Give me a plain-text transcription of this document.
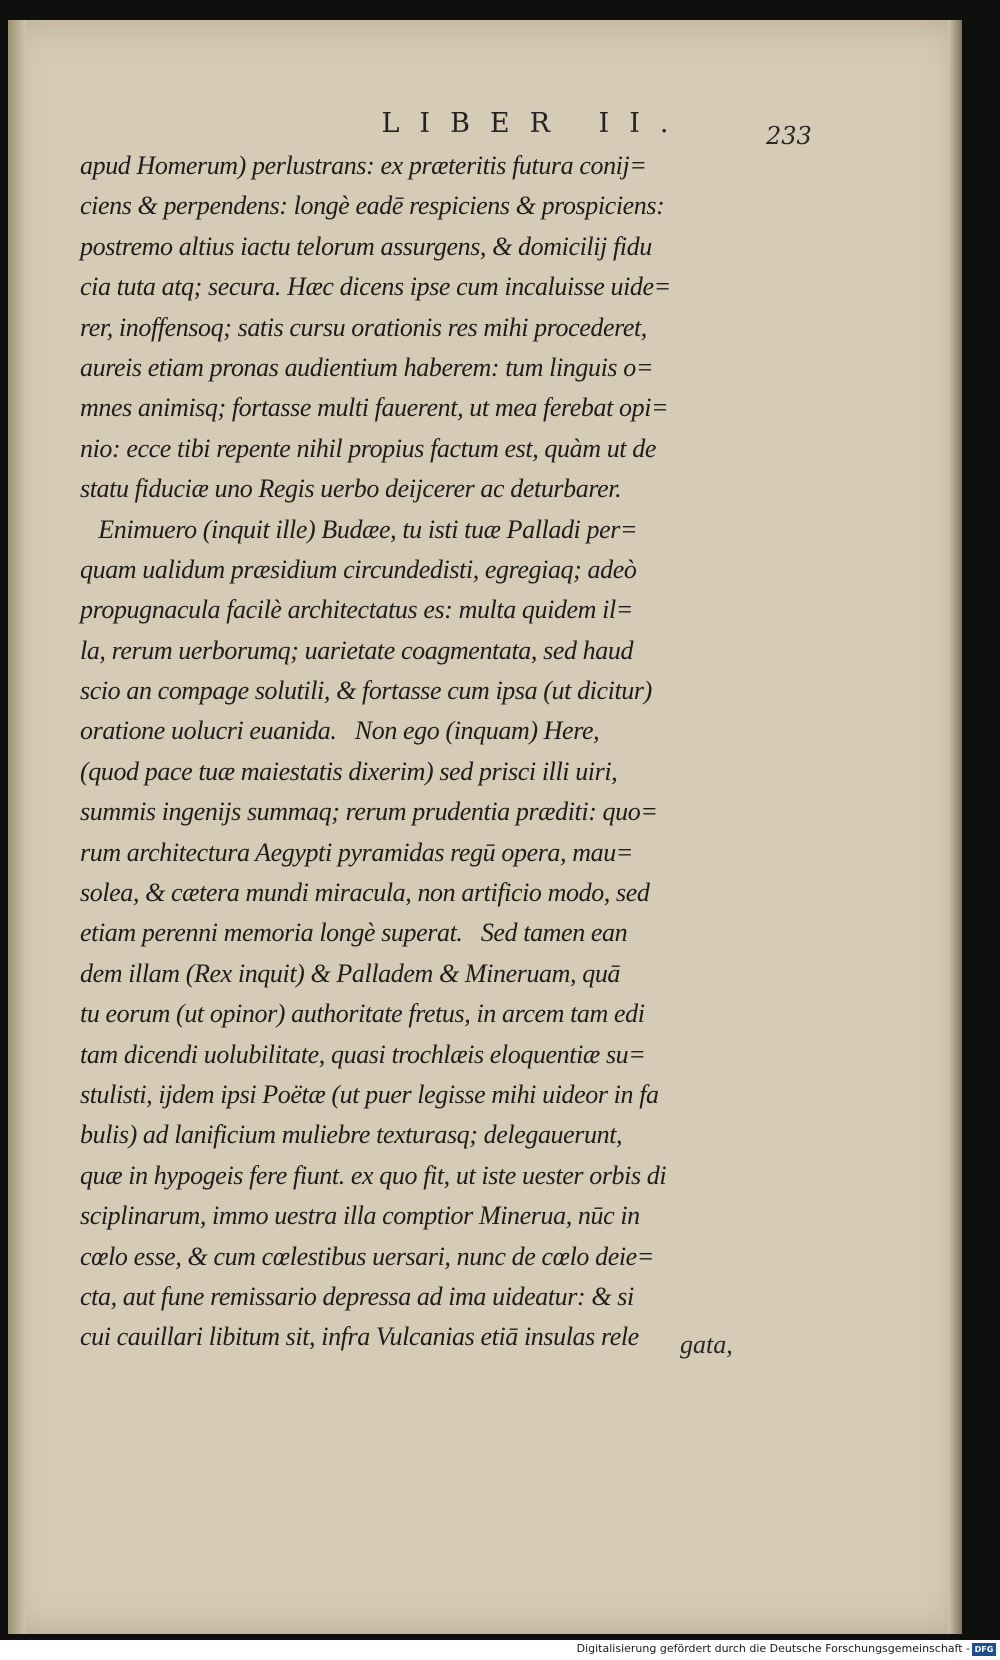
LIBER II.	233
apud Homerum) perlustrans: ex præteritis futura conij=
ciens & perpendens: longè eadē respiciens & prospiciens:
postremo altius iactu telorum assurgens, & domicilij fidu
cia tuta atq; secura. Hæc dicens ipse cum incaluisse uide=
rer, inoffensoq; satis cursu orationis res mihi procederet,
aureis etiam pronas audientium haberem: tum linguis o=
mnes animisq; fortasse multi fauerent, ut mea ferebat opi=
nio: ecce tibi repente nihil propius factum est, quàm ut de
statu fiduciæ uno Regis uerbo deijcerer ac deturbarer.
Enimuero (inquit ille) Budæe, tu isti tuæ Palladi per=
quam ualidum præsidium circundedisti, egregiaq; adeò
propugnacula facilè architectatus es: multa quidem il=
la, rerum uerborumq; uarietate coagmentata, sed haud
scio an compage solutili, & fortasse cum ipsa (ut dicitur)
oratione uolucri euanida.   Non ego (inquam) Here,
(quod pace tuæ maiestatis dixerim) sed prisci illi uiri,
summis ingenijs summaq; rerum prudentia præditi: quo=
rum architectura Aegypti pyramidas regū opera, mau=
solea, & cætera mundi miracula, non artificio modo, sed
etiam perenni memoria longè superat.   Sed tamen ean
dem illam (Rex inquit) & Palladem & Mineruam, quā
tu eorum (ut opinor) authoritate fretus, in arcem tam edi
tam dicendi uolubilitate, quasi trochlæis eloquentiæ su=
stulisti, ijdem ipsi Poëtæ (ut puer legisse mihi uideor in fa
bulis) ad lanificium muliebre texturasq; delegauerunt,
quæ in hypogeis fere fiunt. ex quo fit, ut iste uester orbis di
sciplinarum, immo uestra illa comptior Minerua, nūc in
cœlo esse, & cum cœlestibus uersari, nunc de cœlo deie=
cta, aut fune remissario depressa ad ima uideatur: & si
cui cauillari libitum sit, infra Vulcanias etiā insulas rele	gata,
Digitalisierung gefördert durch die Deutsche Forschungsgemeinschaft - DFG
